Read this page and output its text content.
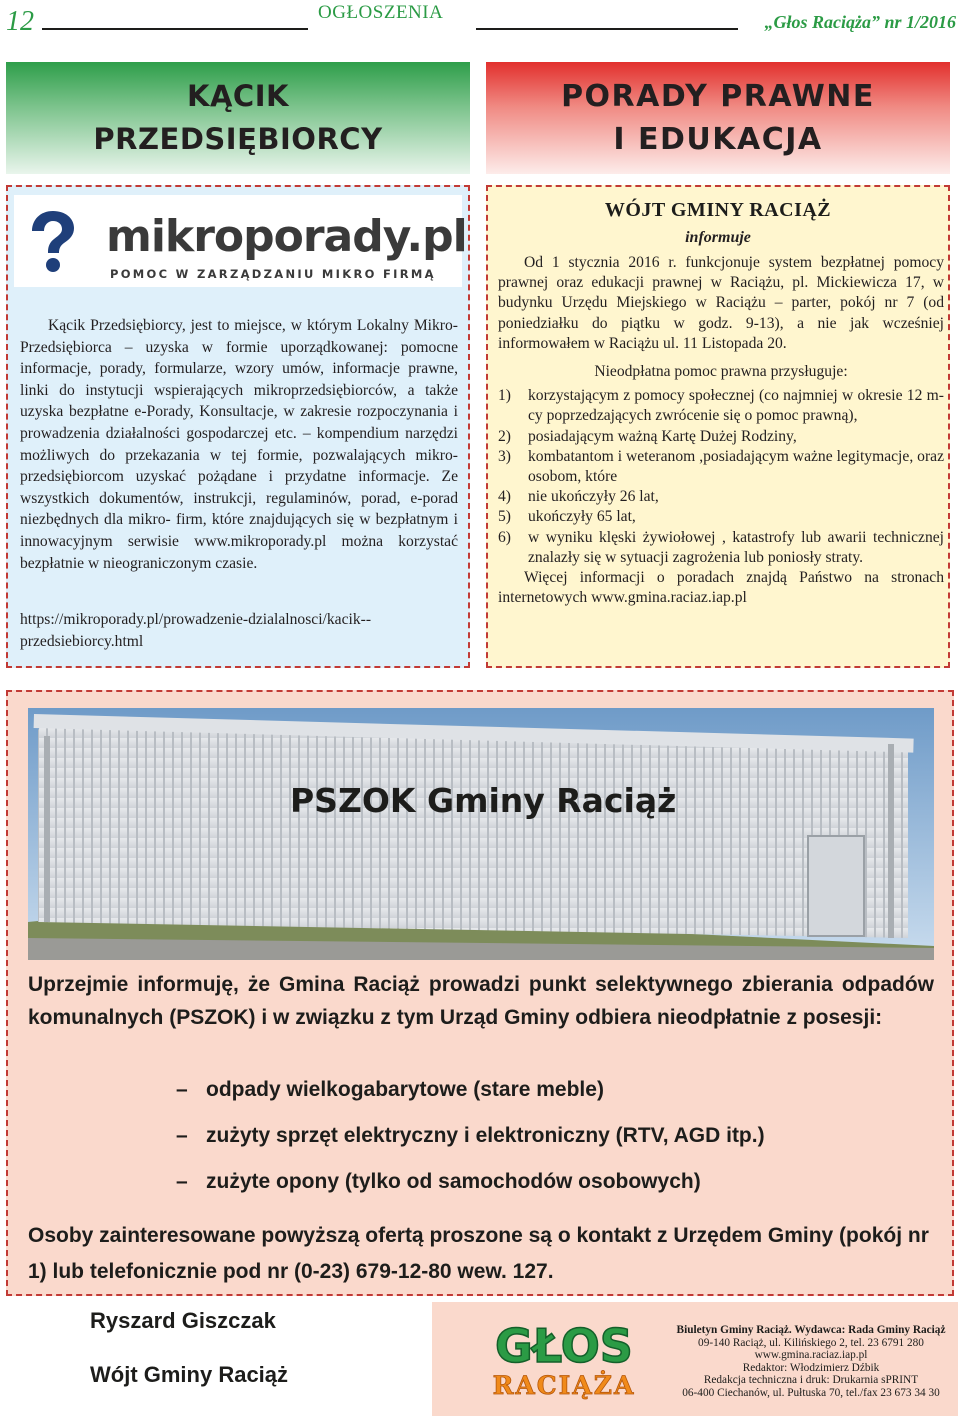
12	OGŁOSZENIA	„Głos Raciąża” nr 1/2016
KĄCIK
PRZEDSIĘBIORCY
PORADY PRAWNE
I EDUKACJA
mikroporady.pl
POMOC W ZARZĄDZANIU MIKRO FIRMĄ

Kącik Przedsiębiorcy, jest to miejsce, w którym Lokalny Mikro- Przedsiębiorca – uzyska w formie uporządkowanej: pomocne informacje, porady, formularze, wzory umów, informacje prawne, linki do instytucji wspierających mikroprzedsiębiorców, a także uzyska bezpłatne e-Porady, Konsultacje, w zakresie rozpoczynania i prowadzenia działalności gospodarczej etc. – kompendium narzędzi możliwych do przekazania w tej formie, pozwalających mikro- przedsiębiorcom uzyskać pożądane i przydatne informacje. Ze wszystkich dokumentów, instrukcji, regulaminów, porad, e-porad niezbędnych dla mikro- firm, które znajdujących się w bezpłatnym i innowacyjnym serwisie www.mikroporady.pl można korzystać bezpłatnie w nieograniczonym czasie.

https://mikroporady.pl/prowadzenie-dzialalnosci/kacik--przedsiebiorcy.html
WÓJT GMINY RACIĄŻ
informuje

Od 1 stycznia 2016 r. funkcjonuje system bezpłatnej pomocy prawnej oraz edukacji prawnej w Raciążu, pl. Mickiewicza 17, w budynku Urzędu Miejskiego w Raciążu – parter, pokój nr 7 (od poniedziałku do piątku w godz. 9-13), a nie jak wcześniej informowałem w Raciążu ul. 11 Listopada 20.

Nieodpłatna pomoc prawna przysługuje:

1)	korzystającym z pomocy społecznej (co najmniej w okresie 12 m-cy poprzedzających zwrócenie się o pomoc prawną),
2)	posiadającym ważną Kartę Dużej Rodziny,
3)	kombatantom i weteranom ,posiadającym ważne legitymacje, oraz osobom, które
4)	nie ukończyły 26 lat,
5)	ukończyły 65 lat,
6)	w wyniku klęski żywiołowej , katastrofy lub awarii technicznej znalazły się w sytuacji zagrożenia lub poniosły straty.

Więcej informacji o poradach znajdą Państwo na stronach internetowych www.gmina.raciaz.iap.pl

PSZOK Gminy Raciąż
Uprzejmie informuję, że Gmina Raciąż prowadzi punkt selektywnego zbierania odpadów komunalnych (PSZOK) i w związku z tym Urząd Gminy odbiera nieodpłatnie z posesji:
– odpady wielkogabarytowe (stare meble)
– zużyty sprzęt elektryczny i elektroniczny (RTV, AGD itp.)
– zużyte opony (tylko od samochodów osobowych)
Osoby zainteresowane powyższą ofertą proszone są o kontakt z Urzędem Gminy (pokój nr 1) lub telefonicznie pod nr (0-23) 679-12-80 wew. 127.
Ryszard Giszczak
Wójt Gminy Raciąż
GŁOS
RACIĄŻA
Biuletyn Gminy Raciąż. Wydawca: Rada Gminy Raciąż
09-140 Raciąż, ul. Kilińskiego 2, tel. 23 6791 280
www.gmina.raciaz.iap.pl
Redaktor: Włodzimierz Dźbik
Redakcja techniczna i druk: Drukarnia sPRINT
06-400 Ciechanów, ul. Pułtuska 70, tel./fax 23 673 34 30
